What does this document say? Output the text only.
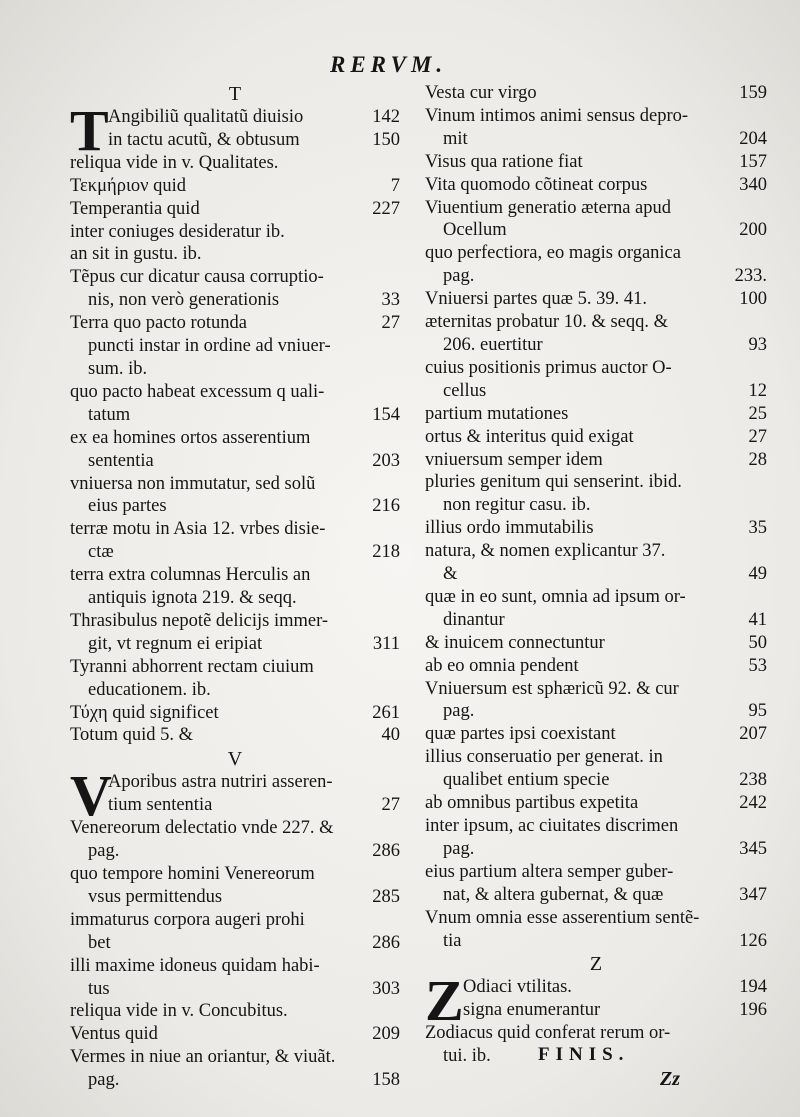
RERVM.
T
T Angibiliũ qualitatũ diuisio	142
in tactu acutũ, & obtusum	150
reliqua vide in v. Qualitates.
Τεκμήριον quid	7
Temperantia quid	227
inter coniuges desideratur ib.
an sit in gustu. ib.
Tẽpus cur dicatur causa corruptio-
nis, non verò generationis	33
Terra quo pacto rotunda	27
puncti instar in ordine ad vniuer-
sum. ib.
quo pacto habeat excessum q uali-
tatum	154
ex ea homines ortos asserentium
sententia	203
vniuersa non immutatur, sed solũ
eius partes	216
terræ motu in Asia 12. vrbes disie-
ctæ	218
terra extra columnas Herculis an
antiquis ignota 219. & seqq.
Thrasibulus nepotẽ delicijs immer-
git, vt regnum ei eripiat	311
Tyranni abhorrent rectam ciuium
educationem. ib.
Τύχη quid significet	261
Totum quid 5. &	40
V
V
Aporibus astra nutriri asseren-
tium sententia	27
Venereorum delectatio vnde 227. &
pag.	286
quo tempore homini Venereorum
vsus permittendus	285
immaturus corpora augeri prohi
bet	286
illi maxime idoneus quidam habi-
tus	303
reliqua vide in v. Concubitus.
Ventus quid	209
Vermes in niue an oriantur, & viuãt.
pag.	158
Vesta cur virgo	159
Vinum intimos animi sensus depro-
mit	204
Visus qua ratione fiat	157
Vita quomodo cõtineat corpus	340
Viuentium generatio æterna apud
Ocellum	200
quo perfectiora, eo magis organica
pag.	233.
Vniuersi partes quæ 5. 39. 41.	100
æternitas probatur 10. & seqq. &
206. euertitur	93
cuius positionis primus auctor O-
cellus	12
partium mutationes	25
ortus & interitus quid exigat	27
vniuersum semper idem	28
pluries genitum qui senserint. ibid.
non regitur casu. ib.
illius ordo immutabilis	35
natura, & nomen explicantur 37.
&	49
quæ in eo sunt, omnia ad ipsum or-
dinantur	41
& inuicem connectuntur	50
ab eo omnia pendent	53
Vniuersum est sphæricũ 92. & cur
pag.	95
quæ partes ipsi coexistant	207
illius conseruatio per generat. in
qualibet entium specie	238
ab omnibus partibus expetita	242
inter ipsum, ac ciuitates discrimen
pag.	345
eius partium altera semper guber-
nat, & altera gubernat, & quæ	347
Vnum omnia esse asserentium sentẽ-
tia	126
Z
Z Odiaci vtilitas.	194
signa enumerantur	196
Zodiacus quid conferat rerum or-
tui. ib. FINIS.
Zz
